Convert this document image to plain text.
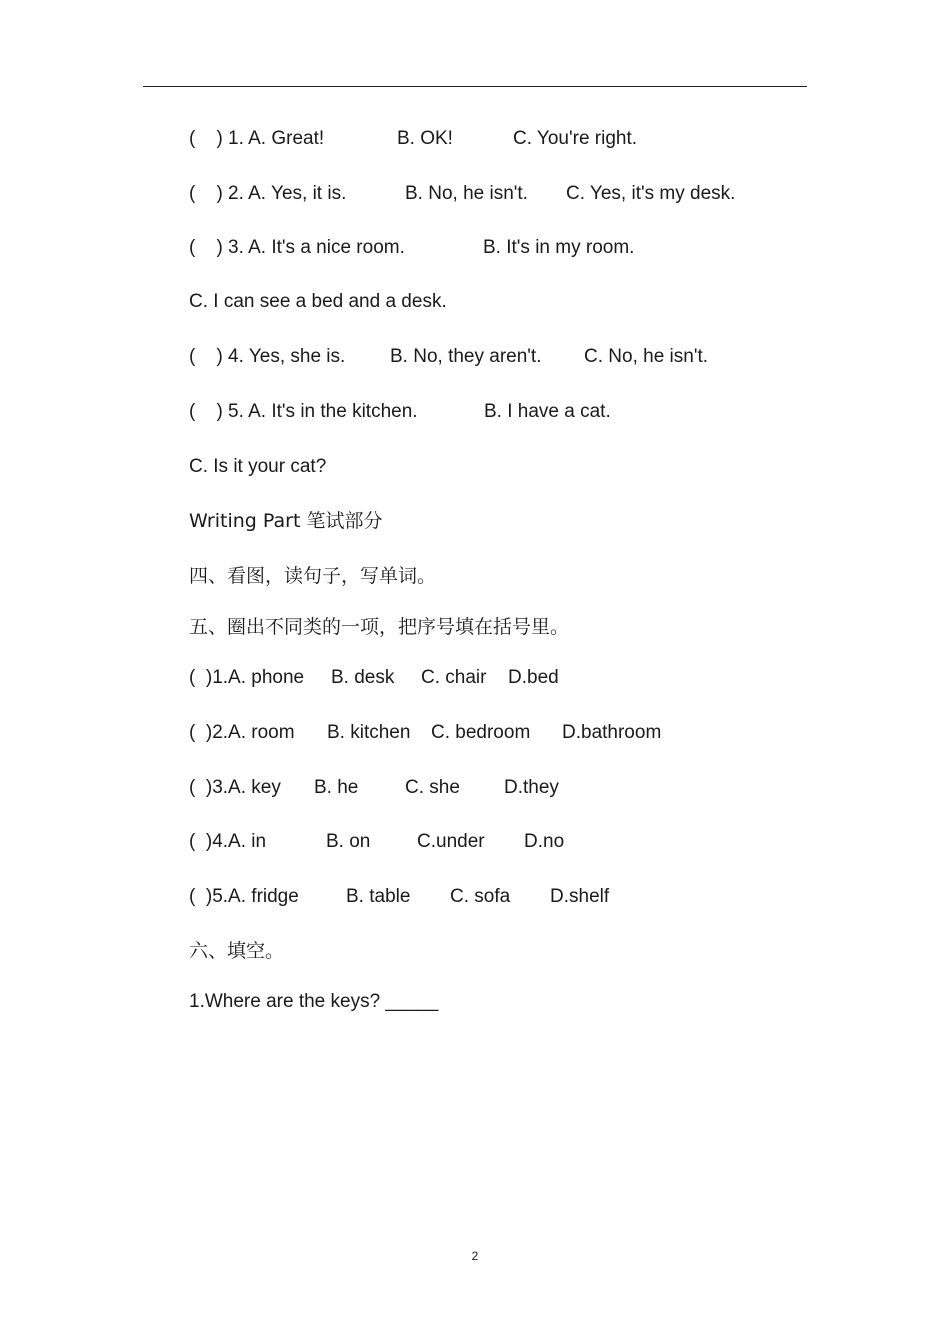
(    ) 1. A. Great!

	B. OK!

	C. You're right.

(    ) 2. A. Yes, it is.

	B. No, he isn't.

C. Yes, it's my desk.

(    ) 3. A. It's a nice room.

	B. It's in my room.

C. I can see a bed and a desk.

(    ) 4. Yes, she is.

B. No, they aren't.

C. No, he isn't.

(    ) 5. A. It's in the kitchen.

	B. I have a cat.

C. Is it your cat?
Writing Part 笔试部分
四、看图，读句子，写单词。
五、圈出不同类的一项，把序号填在括号里。

(  )1.A. phone

B. desk

C. chair

D.bed

(  )2.A. room

B. kitchen

C. bedroom

D.bathroom

(  )3.A. key

B. he

C. she

D.they

(  )4.A. in

	B. on

C.under

D.no

(  )5.A. fridge

B. table

C. sofa

D.shelf

六、填空。
1.Where are the keys? _____
2
